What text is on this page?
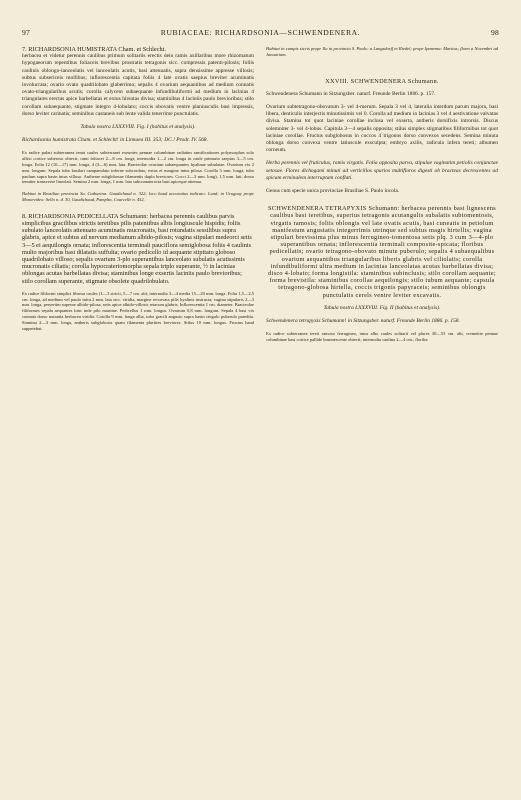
97	RUBIACEAE: RICHARDSONIA—SCHWENDENERA.	98

7. RICHARDSONIA HUMISTRATA Cham. et Schlecht.

herbacea et videtur perennis caulibus primum solitariis erectis dein ramis axillaribus more rhizomatum hypogaeorum repentibus foliaceis brevibus prostratis tetragonis sicc. compressis patenti-pilosis; foliis caulinis oblongo-lanceolatis vel lanceolatis acutis, basi attenuatis, supra densissime appresse villosis; subtus subsericeis mollibus; inflorescentia capitata foliis 4 late ovatis saepius breviter acuminatis involucrata; ovario ovato quadrilobato glaberrimo; sepalis 4 ovarium aequantibus ad medium connatis ovato-triangularibus acutis; corolla calycem subaequante infundibuliformi ad medium in lacinias 4 triangulares erectas apice barbellatas et extus hirsutas divisa; staminibus 4 laciniis paulo brevioribus; stilo corollam subaequante, stigmate integro 4-lobulato; coccis obovatis ventre planiusculis basi impressis, dorso leviter carinatis; seminibus castaneis sub lente valida tenerrime punctulatis.

Tabula nostra LXXXVIII. Fig. I (habitus et analysis).

Richardsonia humistrata Cham. et Schlecht! in Linnaea III. 353; DC.! Prodr. IV. 568.

Ex radice palari subterranea tenui caules subterranei exeuntes pennae columbinae radiatim ramificationes polymorphas solo affixi cortice suberoso obtecti; rami foliacei 2—8 cm. longi; internodia 1—2 cm. longa in caule primario saepius 3—5 cm. longa. Folia 12 (10—17) mm. longa, 4 (3—6) mm. lata. Bracteolae ovarium subaequantes hyalinae subulatae. Ovarium vix 2 mm. longum. Sepala tubo basilari campanulato inferne subcordato, extus et margine intus pilosa. Corolla 3 mm. longa, tubo paulum supra basin intus villoso. Antherae subglobosae filamentis duplo breviores. Cocci 2—3 mm. long), 1,5 mm. lati, dorso tenuiter transverse lineolati. Semina 2 mm. longa, 1 mm. lata subcomaterocta basi apiceque attenua.

Habitat in Brasiliae provincia Sa. Catharina: Gaudichaud n. 322; loco haud accuratius indicato: Lund; in Uruguay prope Montevideo: Sello n. d. 30, Gaudichaud, Pamplin, Courcelle n. 452.

8. RICHARDSONIA PEDICELLATA Schumann: herbacea perennis caulibus parvis simplicibus gracilibus strictis teretibus pilis patentibus albis longiuscule hispidis; foliis subulato lanceolatis attenuato acuminatis mucronatis, basi rotundatis sessilibus supra glabris, apice et subtus ad nervum medianum albido-pilosis; vagina stipulari medeorci setis 3—5 ei aequilongis ornata; inflorescentia terminali pauciflora semiglobosa foliis 4 caulinis multo majoribus basi dilatatis suffulta; ovario pedicello id aequante stipitato globoso quadrilobato villoso; sepalis ovarium 3-plo superantibus lanceolato subulatis acutissimis mucronatis ciliatis; corolla hypocrateriomorpha sepala triplo superante, ½ in lacinias oblongas acutas barbellatas divisa; staminibus longe exsertis laciniis paulo brevioribus; stilo corollam superante, stigmate obsolete quadrilobulato.

Ex radice filiformi simplici fibrosa caules (1—3 stricti, 5—7 cm. alti; internodia 3—4 media 15—20 mm. longa. Folia 1,5—2,5 cm. longa, ad medium vel paulo infra 2 mm. lata sicc. viridia, margine recurvata pilis hyalinis instructa; vagina stipularis 2—3 mm. longa, persertim superne albido-pilosa, setis apice albido-villosis retacum glabris. Inflorescentia 1 cm. diameter. Bracteolae filiformes sepala aequantes hinc inde pilo munitae. Pedicellus 1 mm. longus. Ovarium 0,8 mm. longum. Sepala 4 basi vix connata dorso nutantia herbacea viridia. Corolla 9 mm. longa alba, tubo gracili angusto supra basin cingulo puberulo praedita. Stamina 2—3 mm. longa, antheris subglobosis quam filamenta plurities breviores. Stilus 10 mm. longus. Fructus haud suppetebat.

Habitat in campis siccis prope Ilu in provincia S. Paulo: a Langsdorff et Riedel; prope Ipanema: Martius; floret a Novembri ad Januarium.

XXVIII. SCHWENDENERA Schumann.

Schwendenera Schumann in Sitzungsber. naturf. Freunde Berlin 1886. p. 157.

Ovarium subtetragono-obovatum 3- vel 4-merum. Sepala 3 vel 4, lateralia interdum parum majora, basi libera, denticulis interjectis minutissimis vel 0. Corolla ad medium in lacinias 3 vel 4 aestivatione valvatas divisa. Stamina tot quot laciniae corollae inclusa vel exserta, antheris dorsifixis introrsis. Discus solemniter 3- vel 4-lobus. Capitula 3—4 sepalis opposita; stilus simplex stigmatibus filiformibus tot quot laciniae corollae. Fructus subglobosus in coccos 4 trigonos dorso convexos secedens. Semina minuta oblonga dorso convexa ventre latiuscule exsculpta; embryo axilis, radicula infera tereti; albumen corneum.

Herba perennis vel fruticulus, ramis virgatis. Folia opposita parva, stipulae vaginatim petiolis conjunctae setosae. Flores dichogami minuti ad verticillos spurios multifloros digesti ob bracteas decrescentes ad spicam erminalem interruptam conflati.

Genus cum specie unica provinciae Brasiliae S. Paulo incola.

SCHWENDENERA TETRAPYXIS Schumann: herbacea perennis basi lignescens caulibus basi teretibus, superius tetragonis acutangulis subalatis subtomentosis, virgatis ramosis; foliis oblongis vel late ovatis acutis, basi cuneatis in petiolum manifestum angustatis integerrimis utrinque sed subtus magis hirtellis; vagina stipulari brevissima plus minus ferrugineo-tomentosa setis plq. 3 cum 3—4-plo superantibus ornata; inflorescentia terminali composite-spicata; floribus pedicellatis; ovario tetragono-obovato minute puberulo; sepalis 4 subaequalibus ovarium aequantibus triangularibus liberis glabris vel ciliolatis; corolla infundibuliformi ultra medium in lacinias lanceolatas acutas barbellatas divisa; disco 4-lobato; forma longistila: staminibus subinclusis; stilo corollam aequante; forma brevistila: staminibus corollae aequilongis; stilo tubum aequante; capsula tetragono-globosa hirtella, coccis trigonis papyraceis; seminibus oblongis punctulatis cerels ventre leviter excavatis.

Tabula nostra LXXXVIII. Fig. II (habitus et analysis).

Schwendenera tetrapyxis Schumann! in Sitzungsber. naturf. Freunde Berlin 1886. p. 158.

Ex radice subterranea tereti ramoso ferrugineo, intus albo caules solitarii vel plures 30—55 cm. alti, cremeitie pennae columbinae basi cortice pallide brunnescente obtecti; internodia caulina 2—4 cm., florilia
